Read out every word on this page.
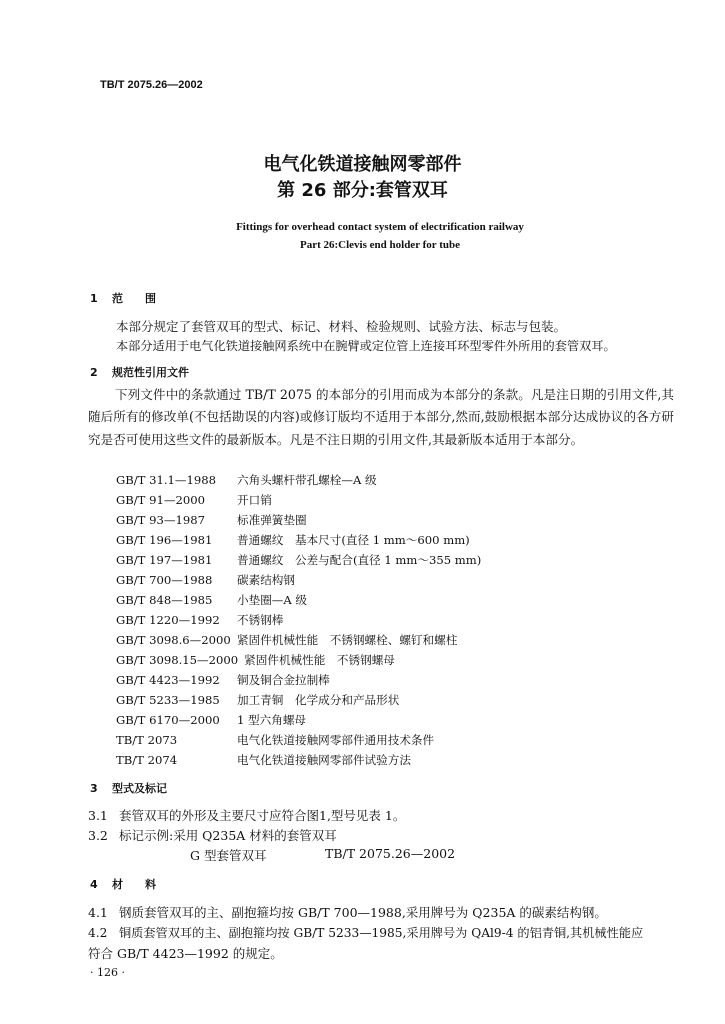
TB/T 2075.26—2002
电气化铁道接触网零部件
第 26 部分:套管双耳
Fittings for overhead contact system of electrification railway
Part 26:Clevis end holder for tube
1 范　　围
本部分规定了套管双耳的型式、标记、材料、检验规则、试验方法、标志与包装。
本部分适用于电气化铁道接触网系统中在腕臂或定位管上连接耳环型零件外所用的套管双耳。
2 规范性引用文件
下列文件中的条款通过 TB/T 2075 的本部分的引用而成为本部分的条款。凡是注日期的引用文件,其随后所有的修改单(不包括勘误的内容)或修订版均不适用于本部分,然而,鼓励根据本部分达成协议的各方研究是否可使用这些文件的最新版本。凡是不注日期的引用文件,其最新版本适用于本部分。
GB/T 31.1—1988 六角头螺杆带孔螺栓—A 级
GB/T 91—2000	开口销
GB/T 93—1987	标准弹簧垫圈
GB/T 196—1981 普通螺纹　基本尺寸(直径 1 mm～600 mm)
GB/T 197—1981 普通螺纹　公差与配合(直径 1 mm～355 mm)
GB/T 700—1988 碳素结构钢
GB/T 848—1985 小垫圈—A 级
GB/T 1220—1992 不锈钢棒
GB/T 3098.6—2000 紧固件机械性能　不锈钢螺栓、螺钉和螺柱
GB/T 3098.15—2000 紧固件机械性能　不锈钢螺母
GB/T 4423—1992 铜及铜合金拉制棒
GB/T 5233—1985 加工青铜　化学成分和产品形状
GB/T 6170—2000 1 型六角螺母
TB/T 2073	电气化铁道接触网零部件通用技术条件
TB/T 2074	电气化铁道接触网零部件试验方法
3 型式及标记
3.1 套管双耳的外形及主要尺寸应符合图1,型号见表 1。
3.2 标记示例:采用 Q235A 材料的套管双耳
G 型套管双耳	TB/T 2075.26—2002
4 材　　料
4.1 钢质套管双耳的主、副抱箍均按 GB/T 700—1988,采用牌号为 Q235A 的碳素结构钢。
4.2 铜质套管双耳的主、副抱箍均按 GB/T 5233—1985,采用牌号为 QAl9-4 的铝青铜,其机械性能应
符合 GB/T 4423—1992 的规定。
· 126 ·
